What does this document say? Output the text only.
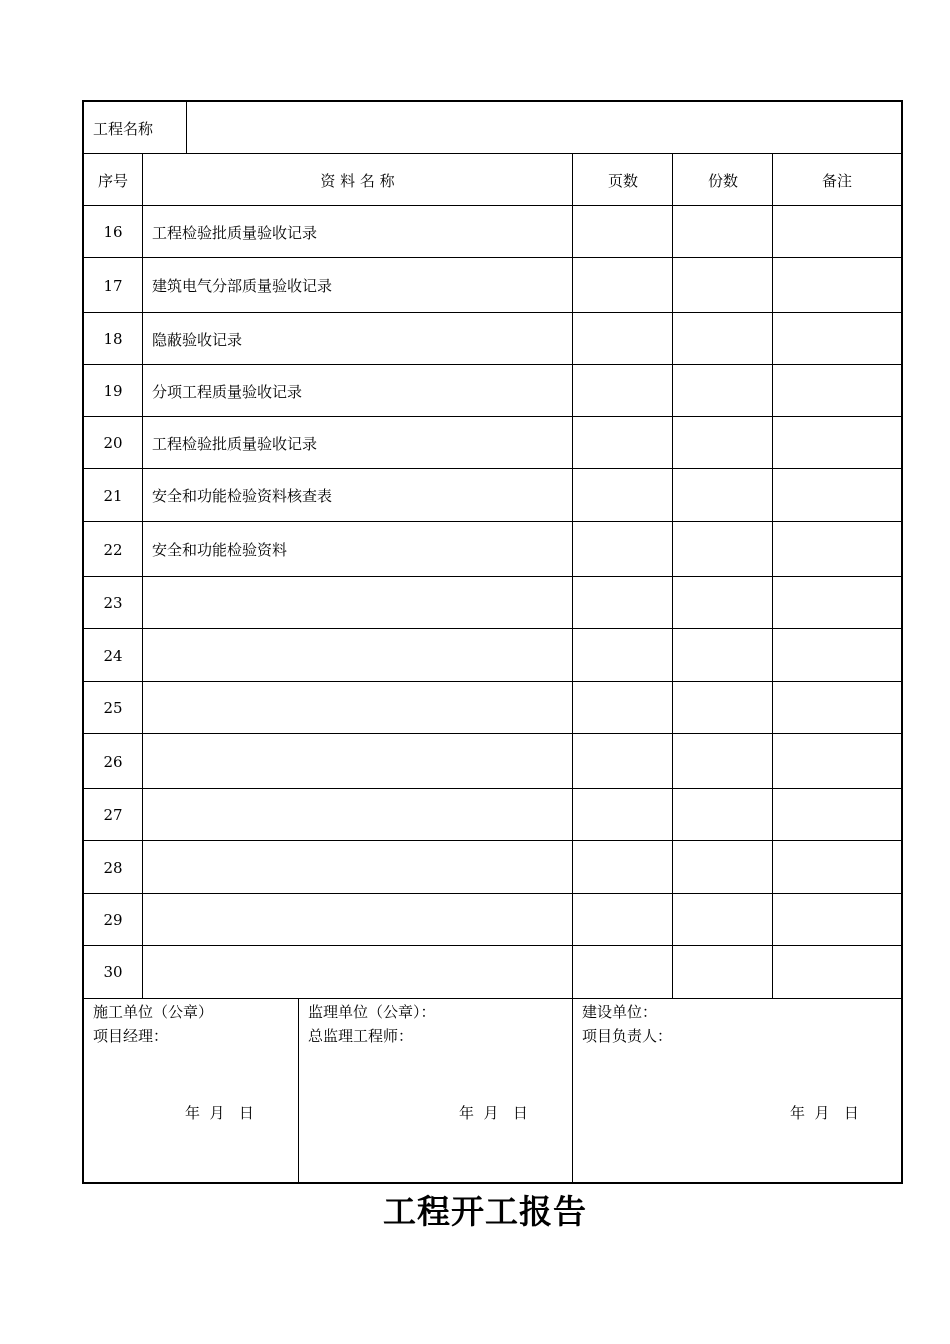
工程名称
序号	资 料 名 称	页数	份数	备注
16	工程检验批质量验收记录
17	建筑电气分部质量验收记录
18	隐蔽验收记录
19	分项工程质量验收记录
20	工程检验批质量验收记录
21	安全和功能检验资料核查表
22	安全和功能检验资料
23
24
25
26
27
28
29
30
施工单位（公章）
项目经理：
年  月   日
监理单位（公章）：
总监理工程师：
年  月   日
建设单位：
项目负责人：
年  月   日
工程开工报告
